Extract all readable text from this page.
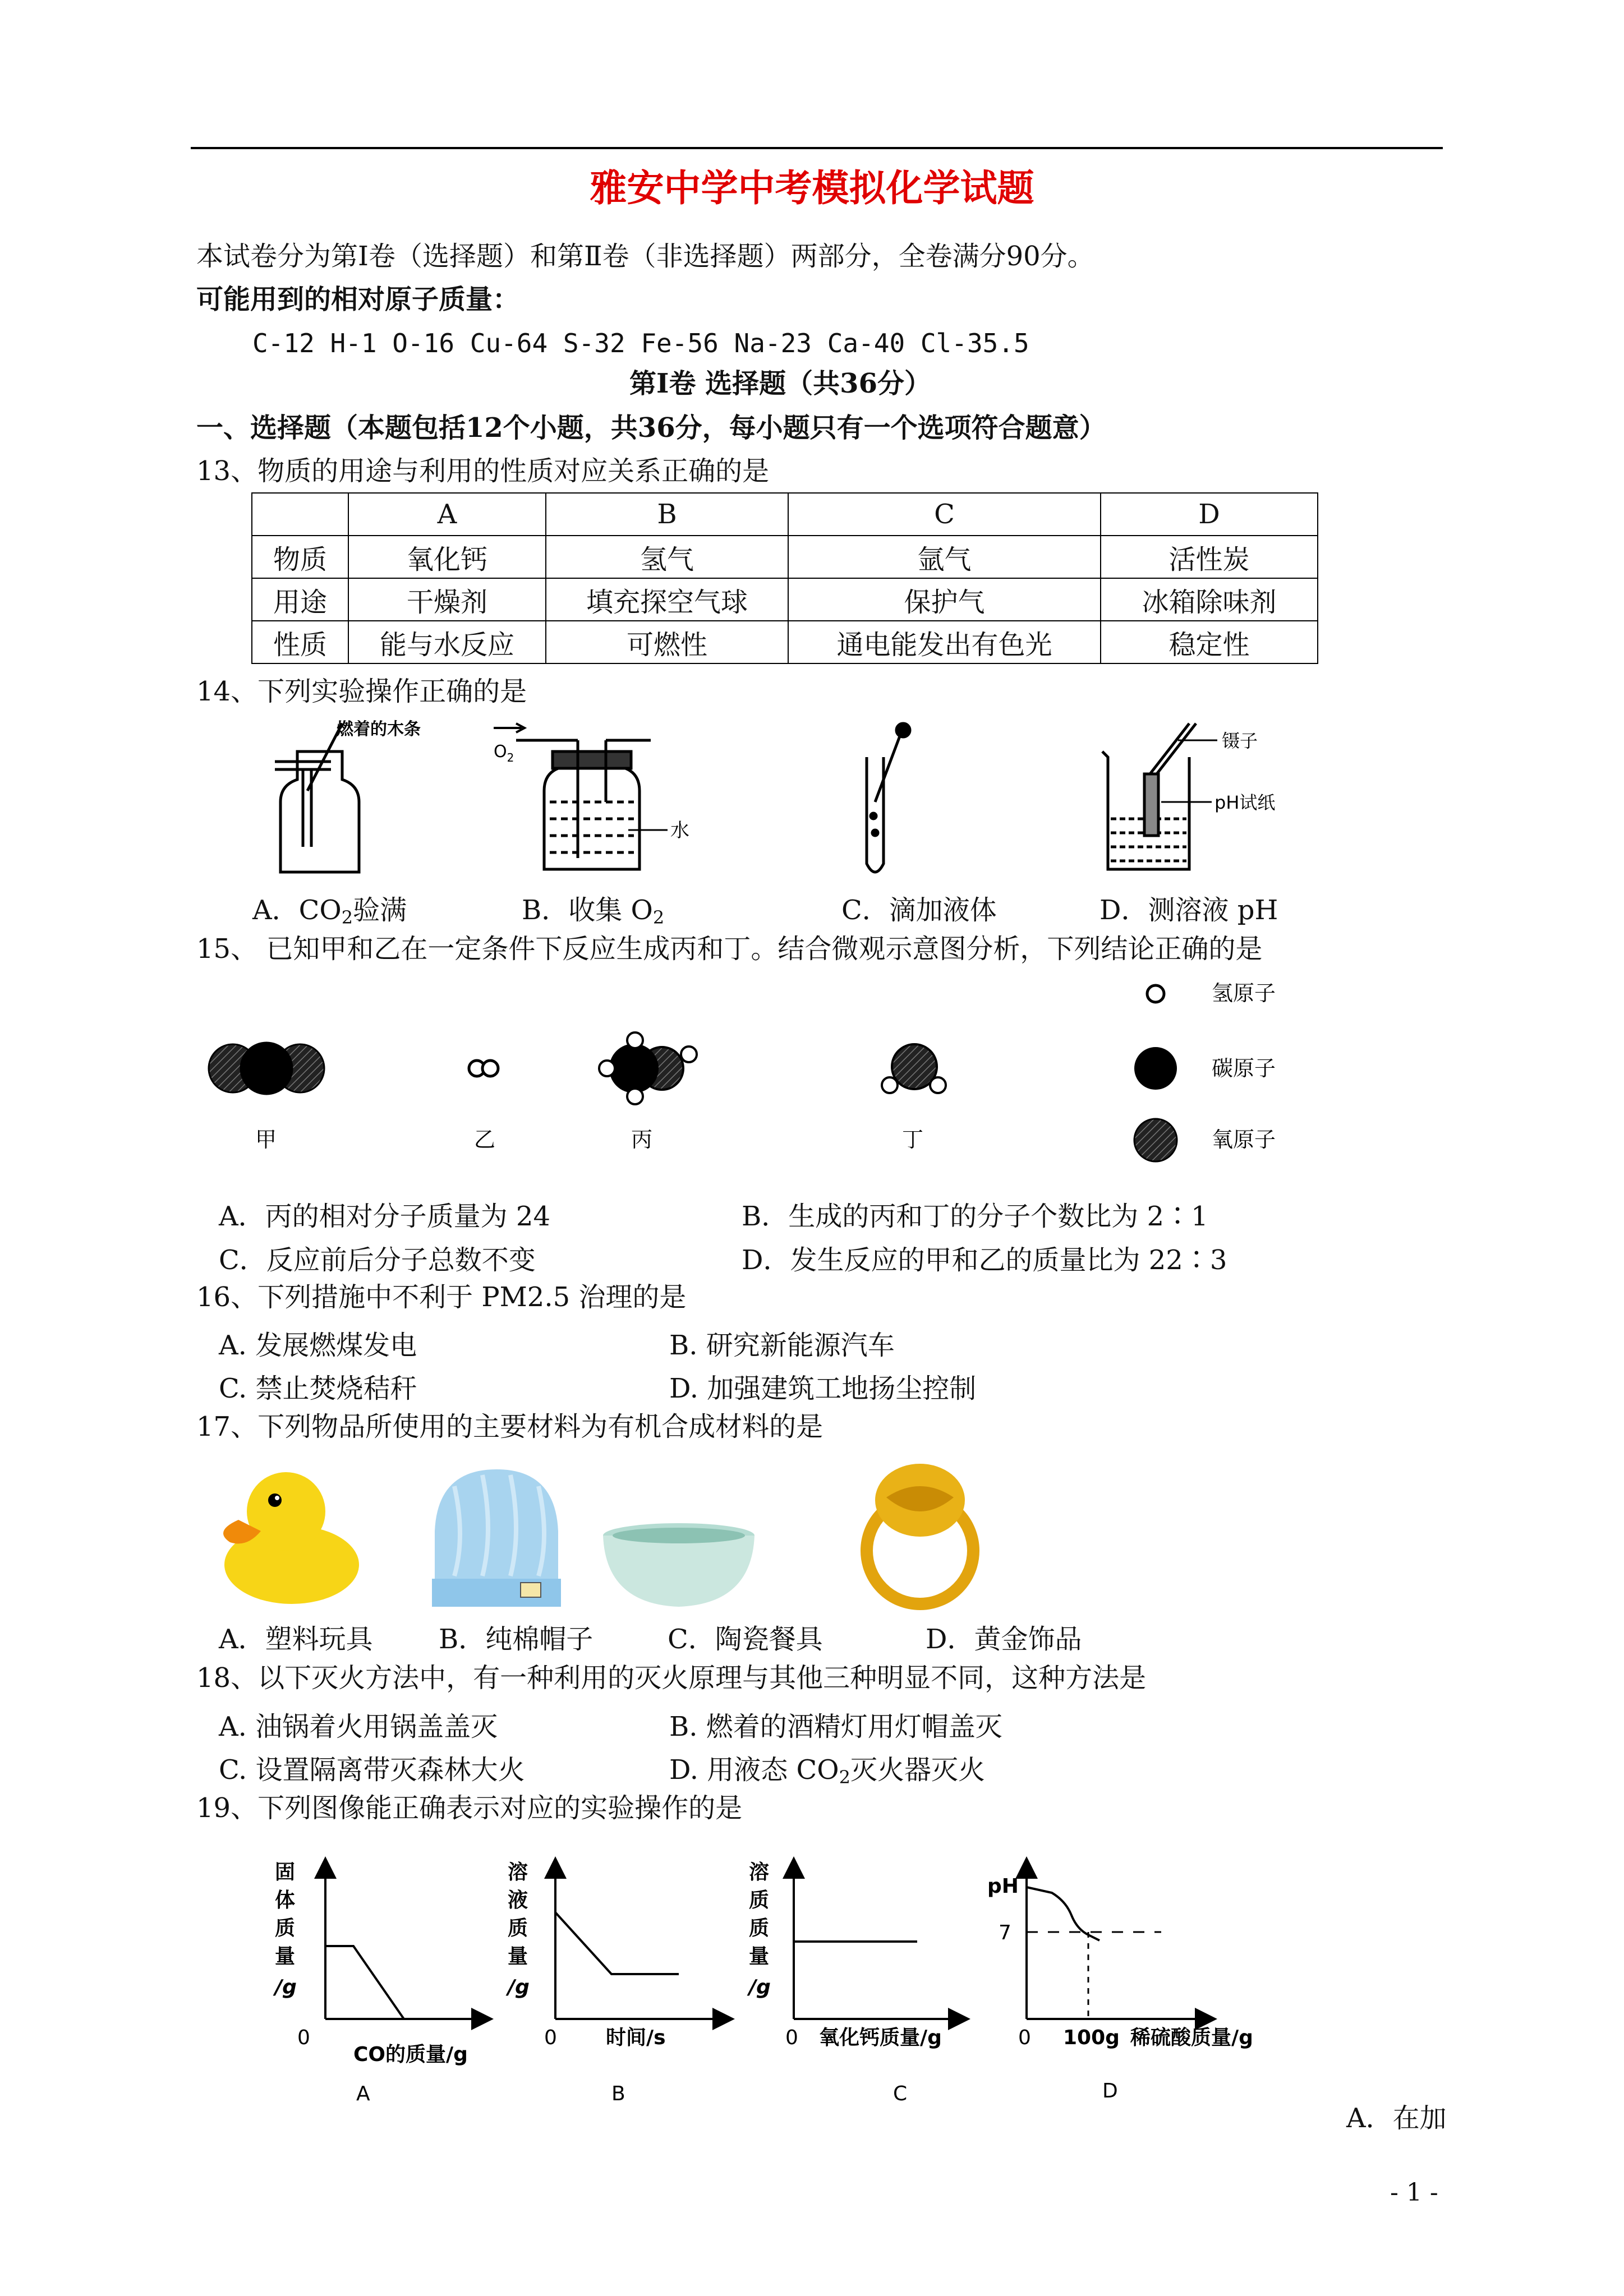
雅安中学中考模拟化学试题
本试卷分为第Ⅰ卷（选择题）和第Ⅱ卷（非选择题）两部分，全卷满分90分。
可能用到的相对原子质量：
C-12 H-1 O-16 Cu-64 S-32 Fe-56 Na-23 Ca-40 Cl-35.5
第Ⅰ卷 选择题（共36分）
一、选择题（本题包括12个小题，共36分，每小题只有一个选项符合题意）
13、物质的用途与利用的性质对应关系正确的是
	A	B	C	D
物质	氧化钙	氢气	氩气	活性炭
用途	干燥剂	填充探空气球	保护气	冰箱除味剂
性质	能与水反应	可燃性	通电能发出有色光	稳定性
14、下列实验操作正确的是
燃着的木条
$O_2$
水
镊子
pH试纸
A．$CO_2$验满	B．收集 $O_2$	C．滴加液体	D．测溶液 pH
15、 已知甲和乙在一定条件下反应生成丙和丁。结合微观示意图分析，下列结论正确的是
甲	乙	丙	丁
氢原子
碳原子
氧原子
A．丙的相对分子质量为 24	B．生成的丙和丁的分子个数比为 2∶1
C．反应前后分子总数不变	D．发生反应的甲和乙的质量比为 22∶3
16、下列措施中不利于 PM2.5 治理的是
A. 发展燃煤发电	B. 研究新能源汽车
C. 禁止焚烧秸秆	D. 加强建筑工地扬尘控制
17、下列物品所使用的主要材料为有机合成材料的是
A．塑料玩具 B．纯棉帽子	C．陶瓷餐具	D．黄金饰品
18、以下灭火方法中，有一种利用的灭火原理与其他三种明显不同，这种方法是
A. 油锅着火用锅盖盖灭	B. 燃着的酒精灯用灯帽盖灭
C. 设置隔离带灭森林大火	D. 用液态 $CO_2$灭火器灭火
19、下列图像能正确表示对应的实验操作的是
固
体
质
量
/g
0
CO的质量/g
A
溶
液
质
量
/g
0 时间/s
B
溶
质
质
量
/g
0 氧化钙质量/g
C
pH
7
0 100g 稀硫酸质量/g
D
A．在加
- 1 -
